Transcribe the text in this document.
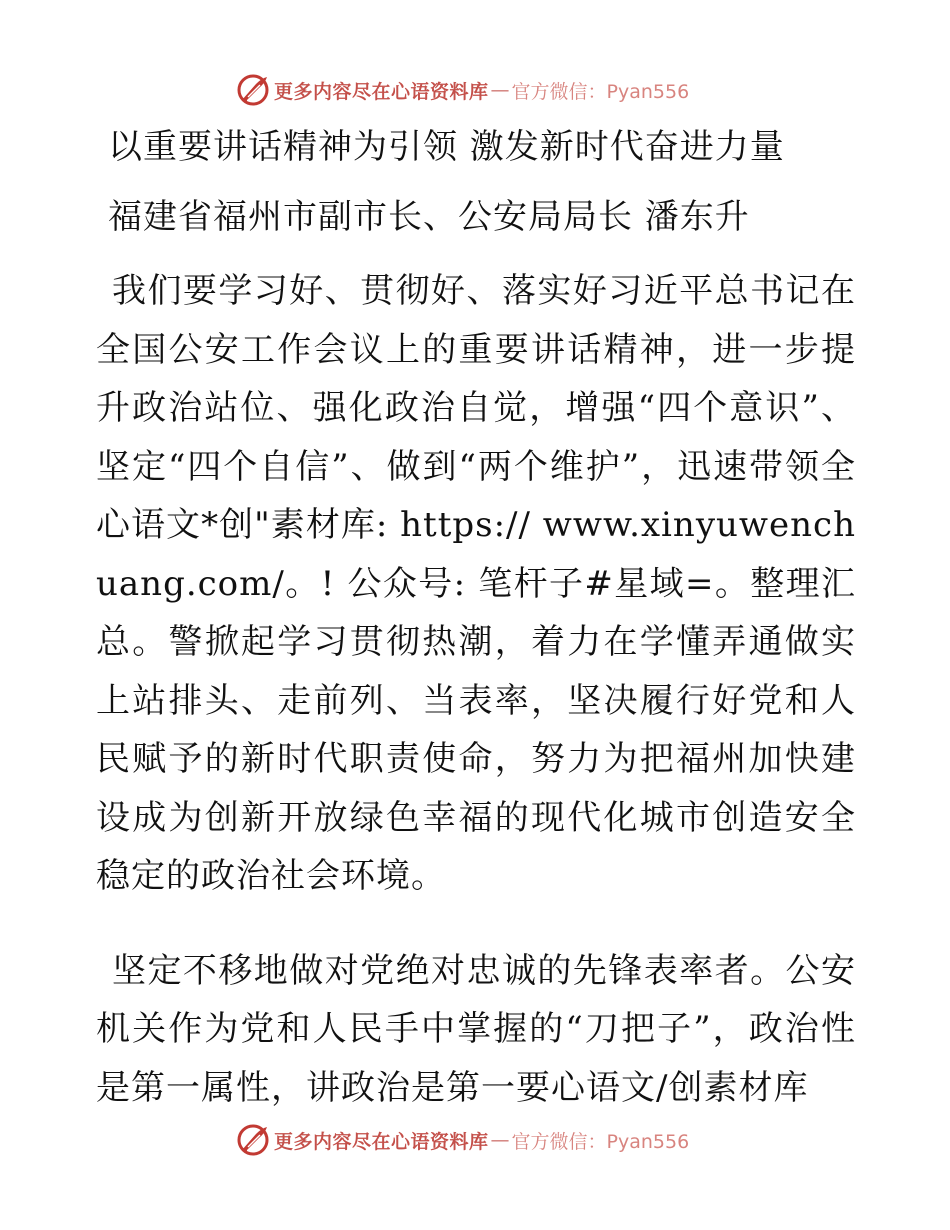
更多内容尽在心语资料库 — 官方微信：Pyan556
以重要讲话精神为引领 激发新时代奋进力量
福建省福州市副市长、公安局局长 潘东升

我们要学习好、贯彻好、落实好习近平总书记在全国公安工作会议上的重要讲话精神，进一步提升政治站位、强化政治自觉，增强“四个意识”、坚定“四个自信”、做到“两个维护”，迅速带领全心语文*创"素材库: https:// www.xinyuwenchuang.com/。! 公众号: 笔杆子#星域=。整理汇总。警掀起学习贯彻热潮，着力在学懂弄通做实上站排头、走前列、当表率，坚决履行好党和人民赋予的新时代职责使命，努力为把福州加快建设成为创新开放绿色幸福的现代化城市创造安全稳定的政治社会环境。

坚定不移地做对党绝对忠诚的先锋表率者。公安机关作为党和人民手中掌握的“刀把子”，政治性是第一属性，讲政治是第一要心语文/创素材库

更多内容尽在心语资料库 — 官方微信：Pyan556
